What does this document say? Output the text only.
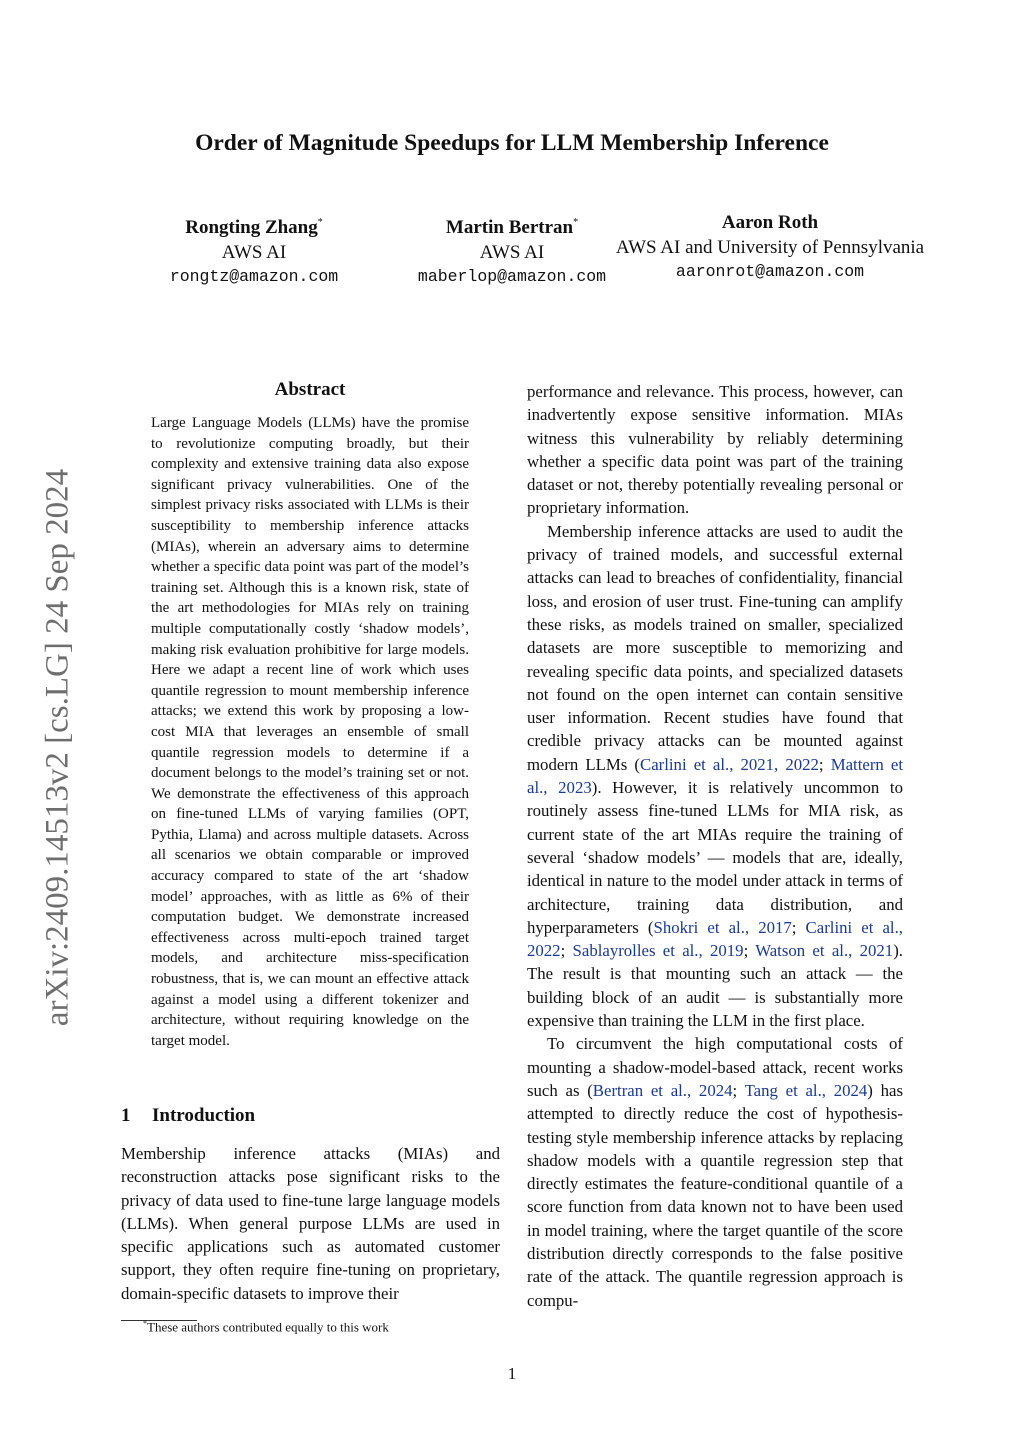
arXiv:2409.14513v2 [cs.LG] 24 Sep 2024
Order of Magnitude Speedups for LLM Membership Inference
Rongting Zhang*
AWS AI
rongtz@amazon.com
Martin Bertran*
AWS AI
maberlop@amazon.com
Aaron Roth
AWS AI and University of Pennsylvania
aaronrot@amazon.com
Abstract

Large Language Models (LLMs) have the promise to revolutionize computing broadly, but their complexity and extensive training data also expose significant privacy vulnerabilities. One of the simplest privacy risks associated with LLMs is their susceptibility to membership inference attacks (MIAs), wherein an adversary aims to determine whether a specific data point was part of the model’s training set. Although this is a known risk, state of the art methodologies for MIAs rely on training multiple computationally costly ‘shadow models’, making risk evaluation prohibitive for large models. Here we adapt a recent line of work which uses quantile regression to mount membership inference attacks; we extend this work by proposing a low-cost MIA that leverages an ensemble of small quantile regression models to determine if a document belongs to the model’s training set or not. We demonstrate the effectiveness of this approach on fine-tuned LLMs of varying families (OPT, Pythia, Llama) and across multiple datasets. Across all scenarios we obtain comparable or improved accuracy compared to state of the art ‘shadow model’ approaches, with as little as 6% of their computation budget. We demonstrate increased effectiveness across multi-epoch trained target models, and architecture miss-specification robustness, that is, we can mount an effective attack against a model using a different tokenizer and architecture, without requiring knowledge on the target model.

1 Introduction

Membership inference attacks (MIAs) and reconstruction attacks pose significant risks to the privacy of data used to fine-tune large language models (LLMs). When general purpose LLMs are used in specific applications such as automated customer support, they often require fine-tuning on proprietary, domain-specific datasets to improve their

*These authors contributed equally to this work

performance and relevance. This process, however, can inadvertently expose sensitive information. MIAs witness this vulnerability by reliably determining whether a specific data point was part of the training dataset or not, thereby potentially revealing personal or proprietary information.

Membership inference attacks are used to audit the privacy of trained models, and successful external attacks can lead to breaches of confidentiality, financial loss, and erosion of user trust. Fine-tuning can amplify these risks, as models trained on smaller, specialized datasets are more susceptible to memorizing and revealing specific data points, and specialized datasets not found on the open internet can contain sensitive user information. Recent studies have found that credible privacy attacks can be mounted against modern LLMs (Carlini et al., 2021, 2022; Mattern et al., 2023). However, it is relatively uncommon to routinely assess fine-tuned LLMs for MIA risk, as current state of the art MIAs require the training of several ‘shadow models’ — models that are, ideally, identical in nature to the model under attack in terms of architecture, training data distribution, and hyperparameters (Shokri et al., 2017; Carlini et al., 2022; Sablayrolles et al., 2019; Watson et al., 2021). The result is that mounting such an attack — the building block of an audit — is substantially more expensive than training the LLM in the first place.

To circumvent the high computational costs of mounting a shadow-model-based attack, recent works such as (Bertran et al., 2024; Tang et al., 2024) has attempted to directly reduce the cost of hypothesis-testing style membership inference attacks by replacing shadow models with a quantile regression step that directly estimates the feature-conditional quantile of a score function from data known not to have been used in model training, where the target quantile of the score distribution directly corresponds to the false positive rate of the attack. The quantile regression approach is compu-

1
